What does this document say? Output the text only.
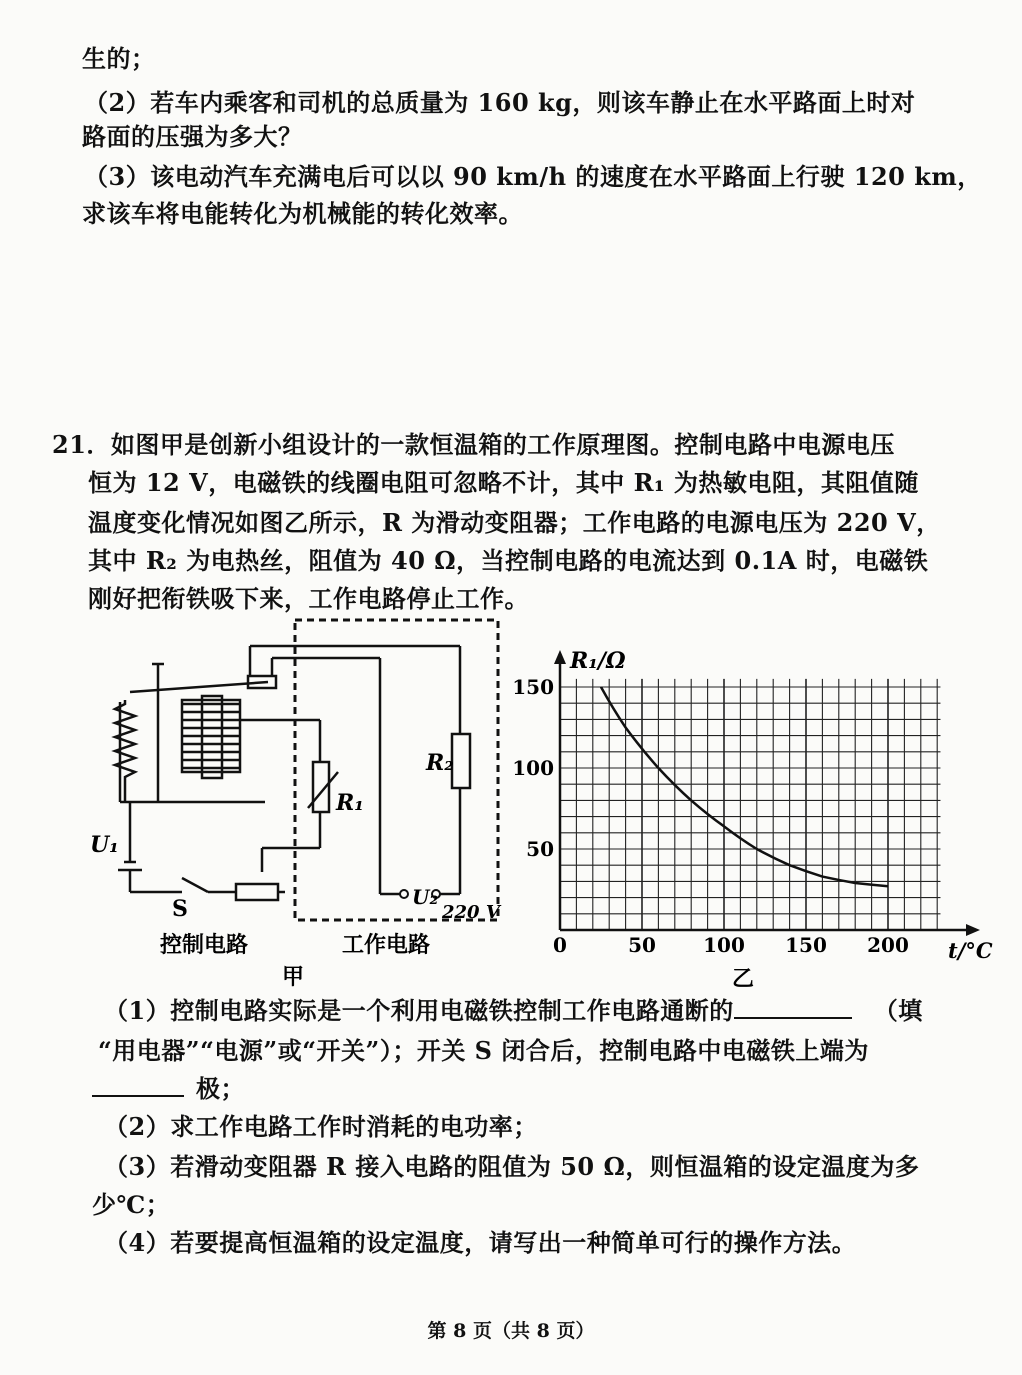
生的；
（2）若车内乘客和司机的总质量为 160 kg，则该车静止在水平路面上时对
路面的压强为多大？
（3）该电动汽车充满电后可以以 90 km/h 的速度在水平路面上行驶 120 km，
求该车将电能转化为机械能的转化效率。
21．如图甲是创新小组设计的一款恒温箱的工作原理图。控制电路中电源电压
恒为 12 V，电磁铁的线圈电阻可忽略不计，其中 R₁ 为热敏电阻，其阻值随
温度变化情况如图乙所示，R 为滑动变阻器；工作电路的电源电压为 220 V，
其中 R₂ 为电热丝，阻值为 40 Ω，当控制电路的电流达到 0.1A 时，电磁铁
刚好把衔铁吸下来，工作电路停止工作。
U₁
S
R₁
R₂
U₂
220 V
控制电路	工作电路
甲
0	50 100 150 200
50
100
150
R₁/Ω
t/°C
乙
（1）控制电路实际是一个利用电磁铁控制工作电路通断的	（填
“用电器”“电源”或“开关”）；开关 S 闭合后，控制电路中电磁铁上端为
极；
（2）求工作电路工作时消耗的电功率；
（3）若滑动变阻器 R 接入电路的阻值为 50 Ω，则恒温箱的设定温度为多
少℃；
（4）若要提高恒温箱的设定温度，请写出一种简单可行的操作方法。
第 8 页（共 8 页）
